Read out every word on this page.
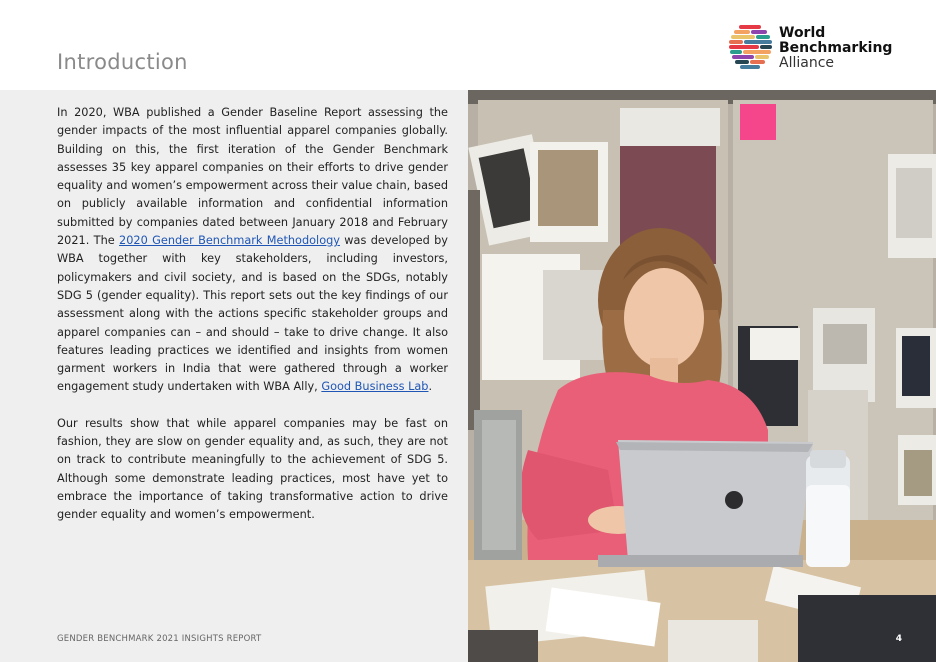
Introduction
World
Benchmarking
Alliance

In 2020, WBA published a Gender Baseline Report assessing the gender impacts of the most influential apparel companies globally. Building on this, the first iteration of the Gender Benchmark assesses 35 key apparel companies on their efforts to drive gender equality and women’s empowerment across their value chain, based on publicly available information and confidential information submitted by companies dated between January 2018 and February 2021. The 2020 Gender Benchmark Methodology was developed by WBA together with key stakeholders, including investors, policymakers and civil society, and is based on the SDGs, notably SDG 5 (gender equality). This report sets out the key findings of our assessment along with the actions specific stakeholder groups and apparel companies can – and should – take to drive change. It also features leading practices we identified and insights from women garment workers in India that were gathered through a worker engagement study undertaken with WBA Ally, Good Business Lab.

Our results show that while apparel companies may be fast on fashion, they are slow on gender equality and, as such, they are not on track to contribute meaningfully to the achievement of SDG 5. Although some demonstrate leading practices, most have yet to embrace the importance of taking transformative action to drive gender equality and women’s empowerment.

GENDER BENCHMARK 2021 INSIGHTS REPORT	4
